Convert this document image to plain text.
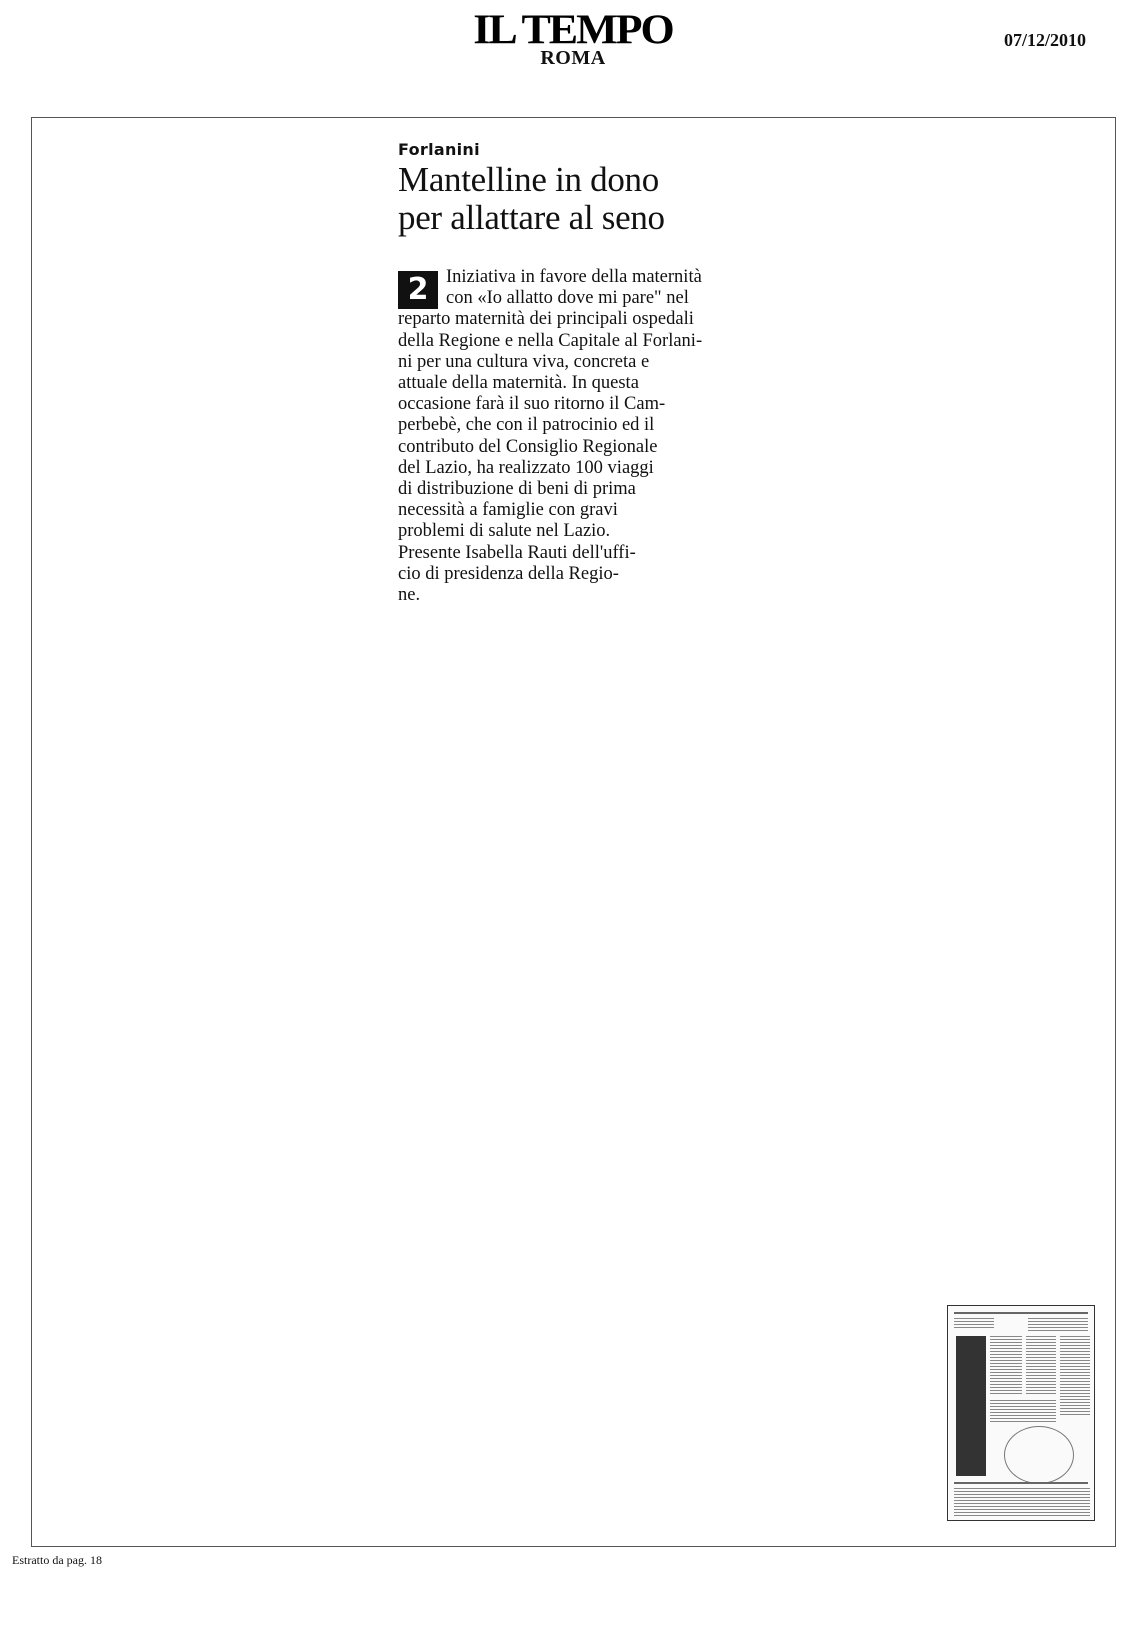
IL TEMPO
ROMA
07/12/2010
Forlanini
Mantelline in dono
per allattare al seno
2 Iniziativa in favore della maternità
con «Io allatto dove mi pare" nel
reparto maternità dei principali ospedali
della Regione e nella Capitale al Forlani-
ni per una cultura viva, concreta e
attuale della maternità. In questa
occasione farà il suo ritorno il Cam-
perbebè, che con il patrocinio ed il
contributo del Consiglio Regionale
del Lazio, ha realizzato 100 viaggi
di distribuzione di beni di prima
necessità a famiglie con gravi
problemi di salute nel Lazio.
Presente Isabella Rauti dell'uffi-
cio di presidenza della Regio-
ne.
Estratto da pag. 18
